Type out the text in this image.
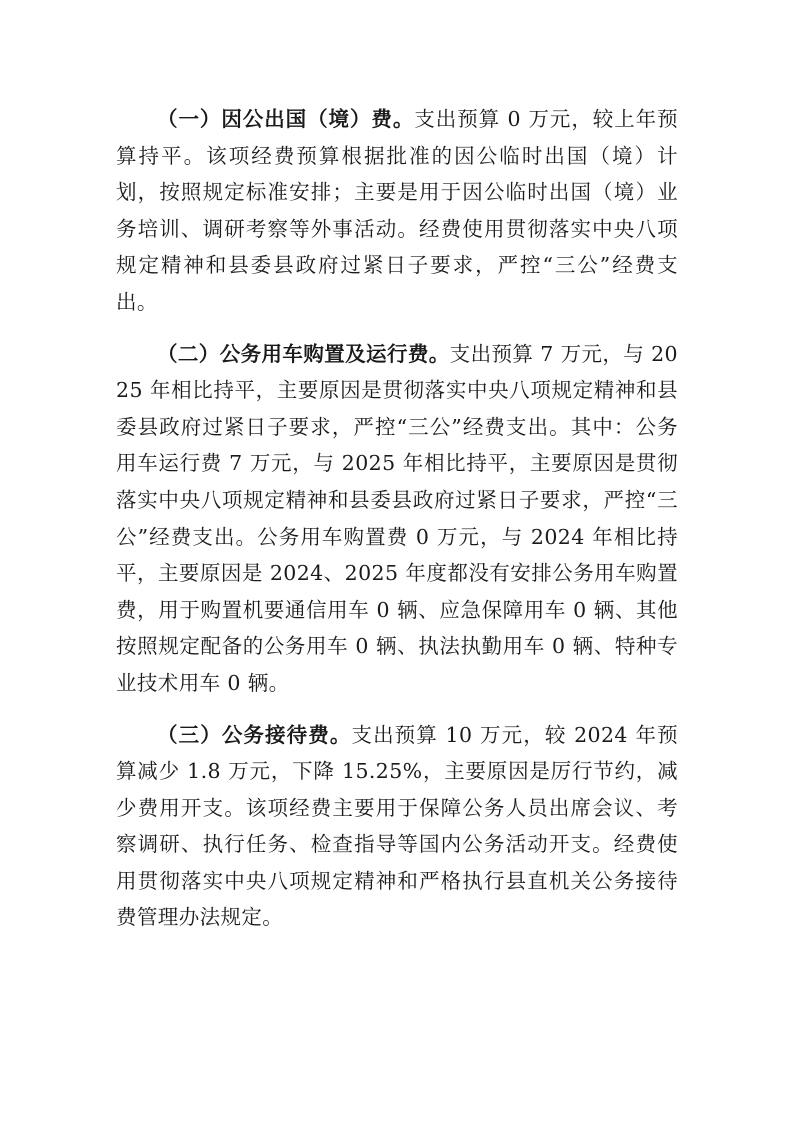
（一）因公出国（境）费。支出预算 0 万元，较上年预算持平。该项经费预算根据批准的因公临时出国（境）计划，按照规定标准安排；主要是用于因公临时出国（境）业务培训、调研考察等外事活动。经费使用贯彻落实中央八项规定精神和县委县政府过紧日子要求，严控“三公”经费支出。

（二）公务用车购置及运行费。支出预算 7 万元，与 2025 年相比持平，主要原因是贯彻落实中央八项规定精神和县委县政府过紧日子要求，严控“三公”经费支出。其中：公务用车运行费 7 万元，与 2025 年相比持平，主要原因是贯彻落实中央八项规定精神和县委县政府过紧日子要求，严控“三公”经费支出。公务用车购置费 0 万元，与 2024 年相比持平，主要原因是 2024、2025 年度都没有安排公务用车购置费，用于购置机要通信用车 0 辆、应急保障用车 0 辆、其他按照规定配备的公务用车 0 辆、执法执勤用车 0 辆、特种专业技术用车 0 辆。

（三）公务接待费。支出预算 10 万元，较 2024 年预算减少 1.8 万元，下降 15.25%，主要原因是厉行节约，减少费用开支。该项经费主要用于保障公务人员出席会议、考察调研、执行任务、检查指导等国内公务活动开支。经费使用贯彻落实中央八项规定精神和严格执行县直机关公务接待费管理办法规定。
